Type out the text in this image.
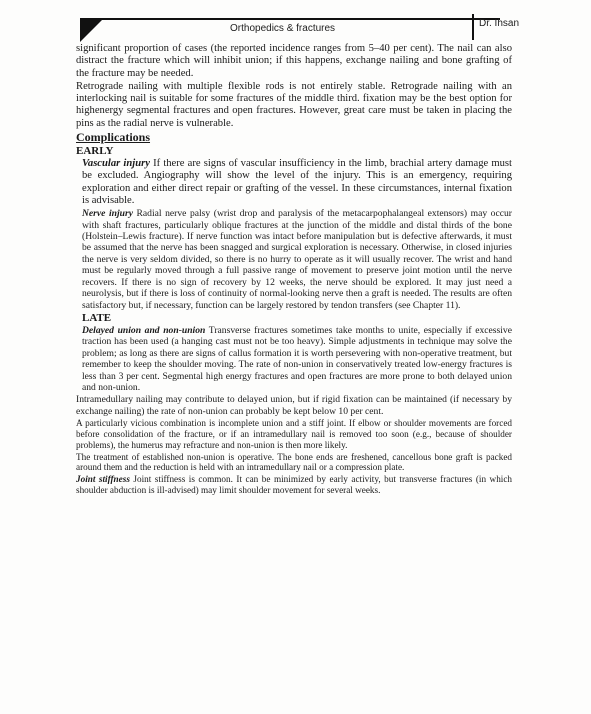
Orthopedics & fractures	Dr. Ihsan

significant proportion of cases (the reported incidence ranges from 5–40 per cent). The nail can also distract the fracture which will inhibit union; if this happens, exchange nailing and bone grafting of the fracture may be needed.

Retrograde nailing with multiple flexible rods is not entirely stable. Retrograde nailing with an interlocking nail is suitable for some fractures of the middle third. fixation may be the best option for highenergy segmental fractures and open fractures. However, great care must be taken in placing the pins as the radial nerve is vulnerable.

Complications

EARLY

Vascular injury If there are signs of vascular insufficiency in the limb, brachial artery damage must be excluded. Angiography will show the level of the injury. This is an emergency, requiring exploration and either direct repair or grafting of the vessel. In these circumstances, internal fixation is advisable.

Nerve injury Radial nerve palsy (wrist drop and paralysis of the metacarpophalangeal extensors) may occur with shaft fractures, particularly oblique fractures at the junction of the middle and distal thirds of the bone (Holstein–Lewis fracture). If nerve function was intact before manipulation but is defective afterwards, it must be assumed that the nerve has been snagged and surgical exploration is necessary. Otherwise, in closed injuries the nerve is very seldom divided, so there is no hurry to operate as it will usually recover. The wrist and hand must be regularly moved through a full passive range of movement to preserve joint motion until the nerve recovers. If there is no sign of recovery by 12 weeks, the nerve should be explored. It may just need a neurolysis, but if there is loss of continuity of normal-looking nerve then a graft is needed. The results are often satisfactory but, if necessary, function can be largely restored by tendon transfers (see Chapter 11).

LATE

Delayed union and non-union Transverse fractures sometimes take months to unite, especially if excessive traction has been used (a hanging cast must not be too heavy). Simple adjustments in technique may solve the problem; as long as there are signs of callus formation it is worth persevering with non-operative treatment, but remember to keep the shoulder moving. The rate of non-union in conservatively treated low-energy fractures is less than 3 per cent. Segmental high energy fractures and open fractures are more prone to both delayed union and non-union.

Intramedullary nailing may contribute to delayed union, but if rigid fixation can be maintained (if necessary by exchange nailing) the rate of non-union can probably be kept below 10 per cent.

A particularly vicious combination is incomplete union and a stiff joint. If elbow or shoulder movements are forced before consolidation of the fracture, or if an intramedullary nail is removed too soon (e.g., because of shoulder problems), the humerus may refracture and non-union is then more likely.

The treatment of established non-union is operative. The bone ends are freshened, cancellous bone graft is packed around them and the reduction is held with an intramedullary nail or a compression plate.

Joint stiffness Joint stiffness is common. It can be minimized by early activity, but transverse fractures (in which shoulder abduction is ill-advised) may limit shoulder movement for several weeks.
